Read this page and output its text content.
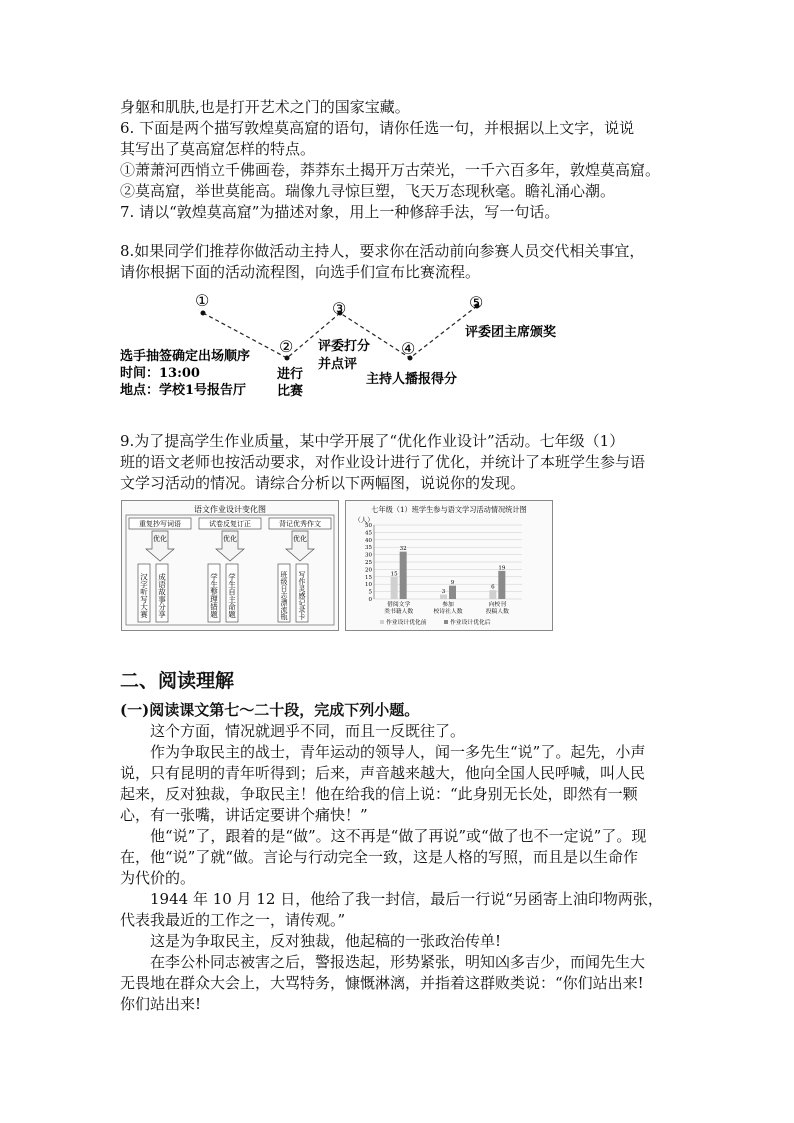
身躯和肌肤,也是打开艺术之门的国家宝藏。
6. 下面是两个描写敦煌莫高窟的语句，请你任选一句，并根据以上文字，说说
其写出了莫高窟怎样的特点。
①萧萧河西悄立千佛画卷，莽莽东土揭开万古荣光，一千六百多年，敦煌莫高窟。
②莫高窟，举世莫能高。瑞像九寻惊巨塑，飞天万态现秋毫。瞻礼涌心潮。
7. 请以“敦煌莫高窟”为描述对象，用上一种修辞手法，写一句话。
8.如果同学们推荐你做活动主持人，要求你在活动前向参赛人员交代相关事宜，
请你根据下面的活动流程图，向选手们宣布比赛流程。
①
②
③
④
⑤
选手抽签确定出场顺序
时间：13:00
地点：学校1号报告厅
进行
比赛
评委打分
并点评
主持人播报得分
评委团主席颁奖
9.为了提高学生作业质量，某中学开展了“优化作业设计”活动。七年级（1）
班的语文老师也按活动要求，对作业设计进行了优化，并统计了本班学生参与语
文学习活动的情况。请综合分析以下两幅图，说说你的发现。
语文作业设计变化图
重复抄写词语	试卷反复订正	背记优秀作文
优化	优化	优化
汉字听写大赛 成语故事分享	学生整理错题 学生自主命题	班级日志漂流瓶 写作灵感记录卡
七年级（1）班学生参与语文学习活动情况统计图
（人）
0
5
10
15
20
25
30
35
40
45
50
15
32
3
9
6
19
借阅文学
类书籍人数
参加
校诗社人数
向校刊
投稿人数
作业设计优化前	作业设计优化后
二、阅读理解
(一)阅读课文第七～二十段，完成下列小题。
这个方面，情况就迥乎不同，而且一反既往了。
作为争取民主的战士，青年运动的领导人，闻一多先生“说”了。起先，小声
说，只有昆明的青年听得到；后来，声音越来越大，他向全国人民呼喊，叫人民
起来，反对独裁，争取民主！他在给我的信上说：“此身别无长处，即然有一颗
心，有一张嘴，讲话定要讲个痛快！”
他“说”了，跟着的是“做”。这不再是“做了再说”或“做了也不一定说”了。现
在，他“说”了就“做。言论与行动完全一致，这是人格的写照，而且是以生命作
为代价的。
1944 年 10 月 12 日，他给了我一封信，最后一行说“另函寄上油印物两张，
代表我最近的工作之一，请传观。”
这是为争取民主，反对独裁，他起稿的一张政治传单!
在李公朴同志被害之后，警报迭起，形势紧张，明知凶多吉少，而闻先生大
无畏地在群众大会上，大骂特务，慷慨淋漓，并指着这群败类说：“你们站出来!
你们站出来!
